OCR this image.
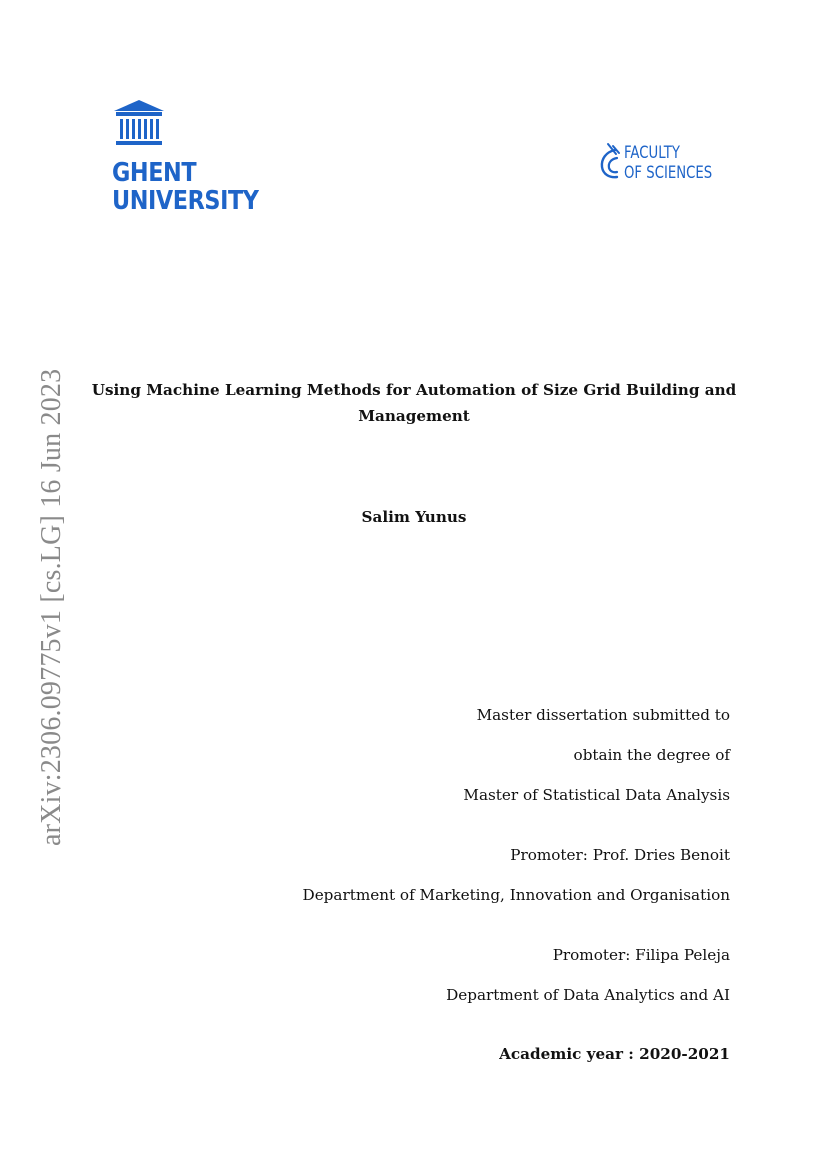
GHENT
UNIVERSITY
FACULTY
OF SCIENCES
arXiv:2306.09775v1 [cs.LG] 16 Jun 2023 Using Machine Learning Methods for Automation of Size Grid Building and Management
Salim Yunus
Master dissertation submitted to
obtain the degree of
Master of Statistical Data Analysis
Promoter: Prof. Dries Benoit
Department of Marketing, Innovation and Organisation
Promoter: Filipa Peleja
Department of Data Analytics and AI
Academic year : 2020-2021
